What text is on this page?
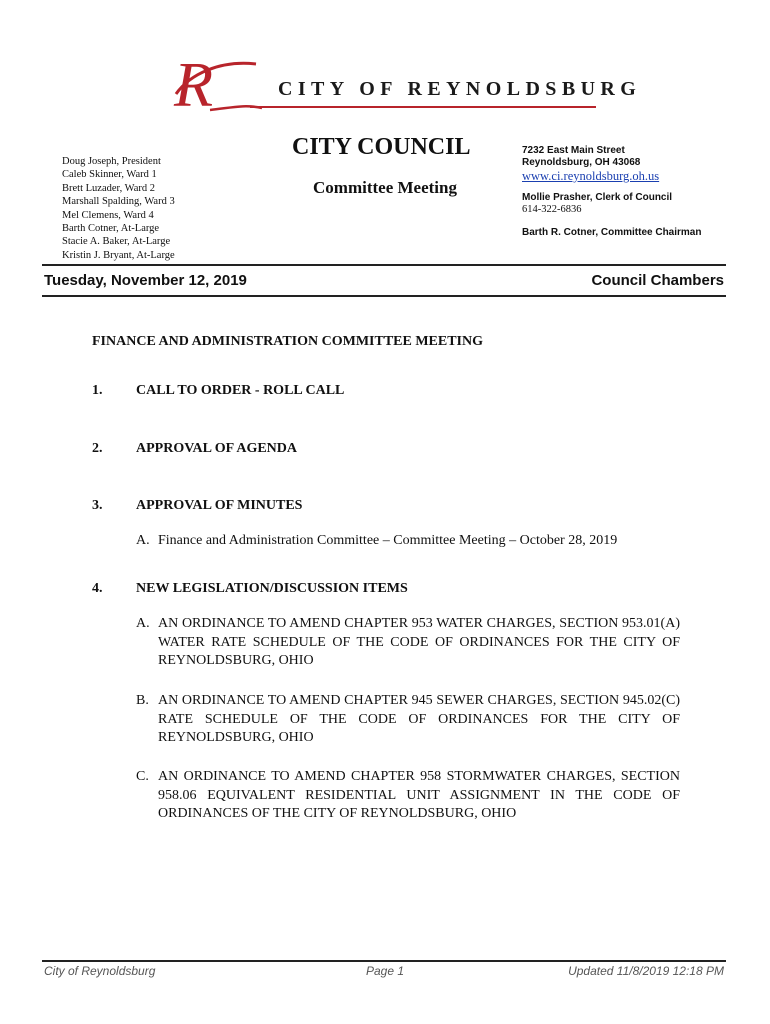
R	CITY OF REYNOLDSBURG
Doug Joseph, President
Caleb Skinner, Ward 1
Brett Luzader, Ward 2
Marshall Spalding, Ward 3
Mel Clemens, Ward 4
Barth Cotner, At-Large
Stacie A. Baker, At-Large
Kristin J. Bryant, At-Large
CITY COUNCIL
Committee Meeting
7232 East Main Street
Reynoldsburg, OH 43068
www.ci.reynoldsburg.oh.us
Mollie Prasher, Clerk of Council
614-322-6836
Barth R. Cotner, Committee Chairman
Tuesday, November 12, 2019	Council Chambers
FINANCE AND ADMINISTRATION COMMITTEE MEETING
1. CALL TO ORDER - ROLL CALL
2. APPROVAL OF AGENDA
3. APPROVAL OF MINUTES
A. Finance and Administration Committee – Committee Meeting – October 28, 2019
4. NEW LEGISLATION/DISCUSSION ITEMS
A. AN ORDINANCE TO AMEND CHAPTER 953 WATER CHARGES, SECTION 953.01(A) WATER RATE SCHEDULE OF THE CODE OF ORDINANCES FOR THE CITY OF REYNOLDSBURG, OHIO
B. AN ORDINANCE TO AMEND CHAPTER 945 SEWER CHARGES, SECTION 945.02(C) RATE SCHEDULE OF THE CODE OF ORDINANCES FOR THE CITY OF REYNOLDSBURG, OHIO
C. AN ORDINANCE TO AMEND CHAPTER 958 STORMWATER CHARGES, SECTION 958.06 EQUIVALENT RESIDENTIAL UNIT ASSIGNMENT IN THE CODE OF ORDINANCES OF THE CITY OF REYNOLDSBURG, OHIO
City of Reynoldsburg	Page 1	Updated 11/8/2019 12:18 PM
